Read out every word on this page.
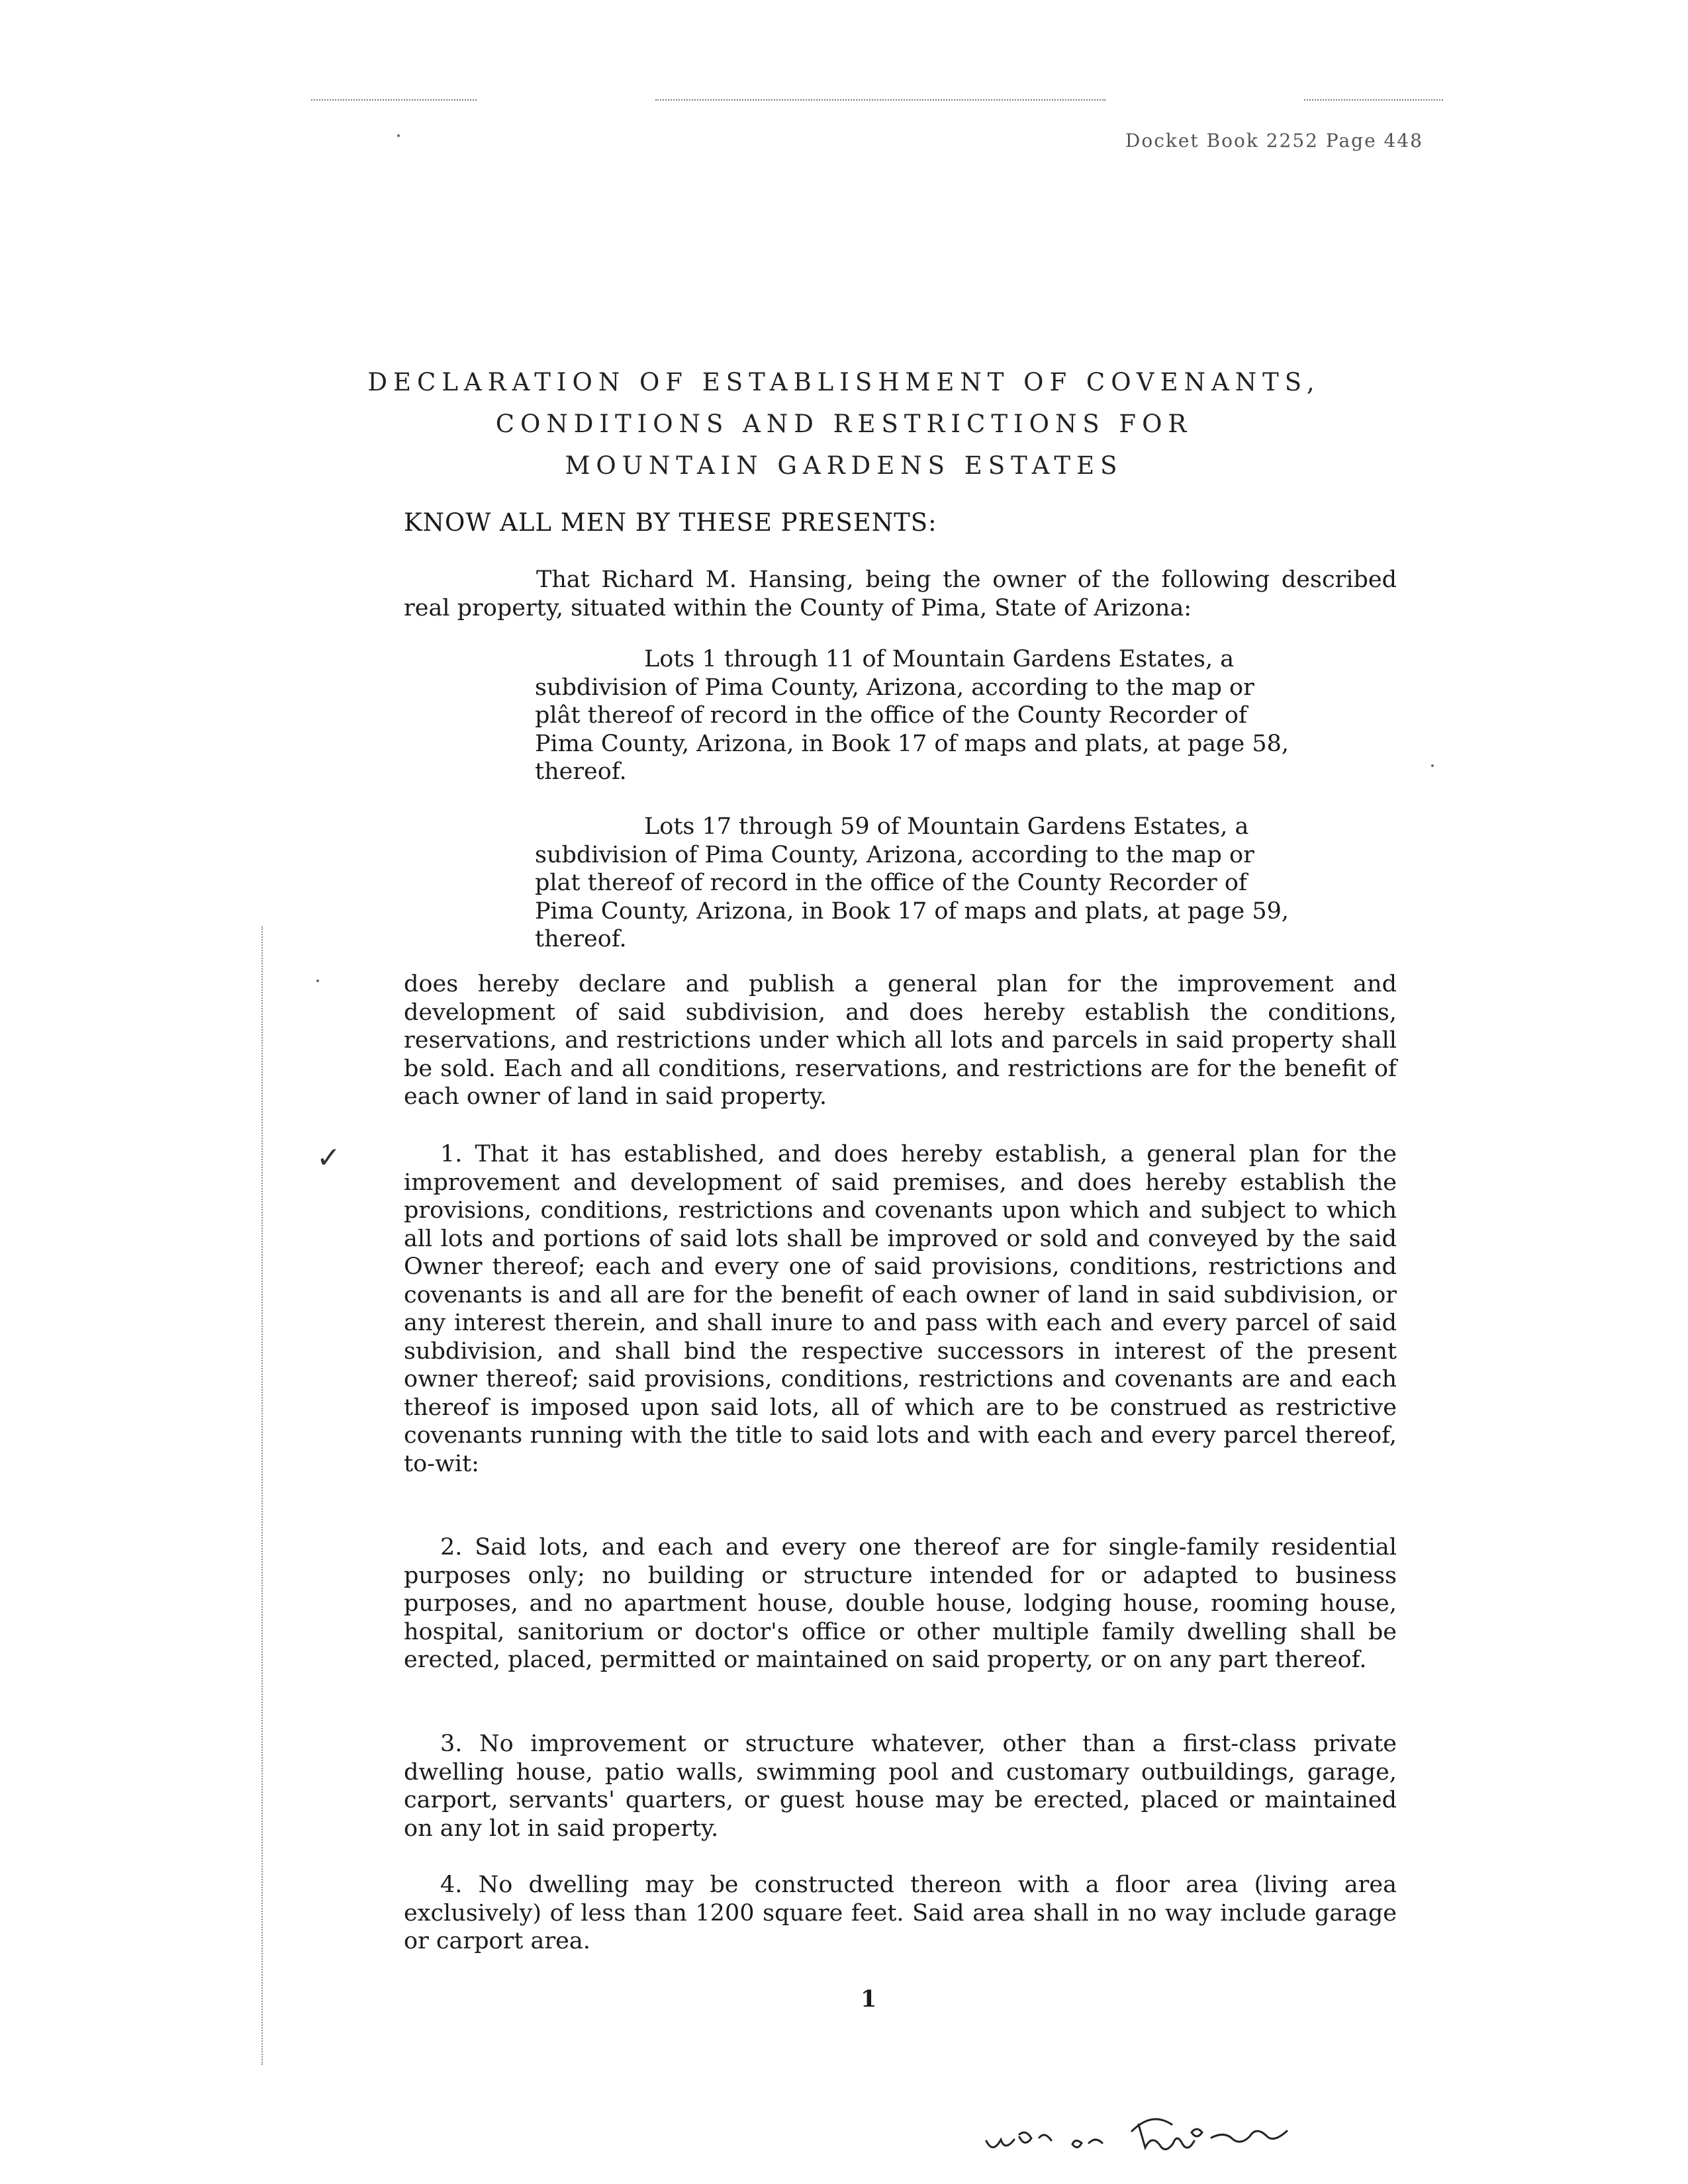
Docket Book 2252 Page 448
DECLARATION OF ESTABLISHMENT OF COVENANTS,
CONDITIONS AND RESTRICTIONS FOR
MOUNTAIN GARDENS ESTATES
KNOW ALL MEN BY THESE PRESENTS:

That Richard M. Hansing, being the owner of the following described real property, situated within the County of Pima, State of Arizona:

Lots 1 through 11 of Mountain Gardens Estates, a subdivision of Pima County, Arizona, according to the map or plât thereof of record in the office of the County Recorder of Pima County, Arizona, in Book 17 of maps and plats, at page 58, thereof.

Lots 17 through 59 of Mountain Gardens Estates, a subdivision of Pima County, Arizona, according to the map or plat thereof of record in the office of the County Recorder of Pima County, Arizona, in Book 17 of maps and plats, at page 59, thereof.

does hereby declare and publish a general plan for the improvement and development of said subdivision, and does hereby establish the conditions, reservations, and restrictions under which all lots and parcels in said property shall be sold. Each and all conditions, reservations, and restrictions are for the benefit of each owner of land in said property.

✓	1. That it has established, and does hereby establish, a general plan for the improvement and development of said premises, and does hereby establish the provisions, conditions, restrictions and covenants upon which and subject to which all lots and portions of said lots shall be improved or sold and conveyed by the said Owner thereof; each and every one of said provisions, conditions, restrictions and covenants is and all are for the benefit of each owner of land in said subdivision, or any interest therein, and shall inure to and pass with each and every parcel of said subdivision, and shall bind the respective successors in interest of the present owner thereof; said provisions, conditions, restrictions and covenants are and each thereof is imposed upon said lots, all of which are to be construed as restrictive covenants running with the title to said lots and with each and every parcel thereof, to-wit:

2. Said lots, and each and every one thereof are for single-family residential purposes only; no building or structure intended for or adapted to business purposes, and no apartment house, double house, lodging house, rooming house, hospital, sanitorium or doctor's office or other multiple family dwelling shall be erected, placed, permitted or maintained on said property, or on any part thereof.

3. No improvement or structure whatever, other than a first-class private dwelling house, patio walls, swimming pool and customary outbuildings, garage, carport, servants' quarters, or guest house may be erected, placed or maintained on any lot in said property.

4. No dwelling may be constructed thereon with a floor area (living area exclusively) of less than 1200 square feet. Said area shall in no way include garage or carport area.

1
